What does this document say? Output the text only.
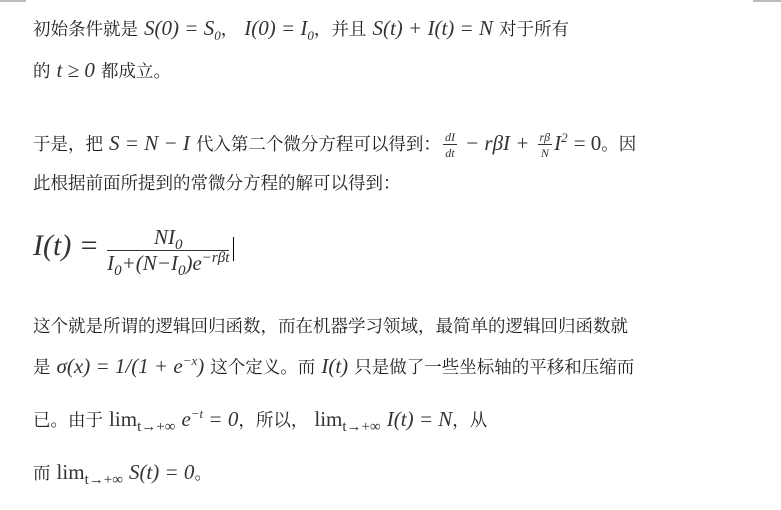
初始条件就是 $S(0) = S_0$， $I(0) = I_0$，并且 S(t) + I(t) = N 对于所有
的 t ≥ 0 都成立。
于是，把 S = N − I 代入第二个微分方程可以得到： $\frac{dI}{dt} - r\beta I + \frac{r\beta}{N} I^2 = 0$。因
此根据前面所提到的常微分方程的解可以得到：
$I(t) = \frac{NI_0}{I_0+(N-I_0)e^{-r\beta t}}$
这个就是所谓的逻辑回归函数，而在机器学习领域，最简单的逻辑回归函数就
是 $\sigma(x) = 1/(1 + e^{-x})$ 这个定义。而 I(t) 只是做了一些坐标轴的平移和压缩而
已。由于 $\lim_{t\to+\infty} e^{-t} = 0$，所以， $\lim_{t\to+\infty} I(t) = N$，从
而 $\lim_{t\to+\infty} S(t) = 0$。
